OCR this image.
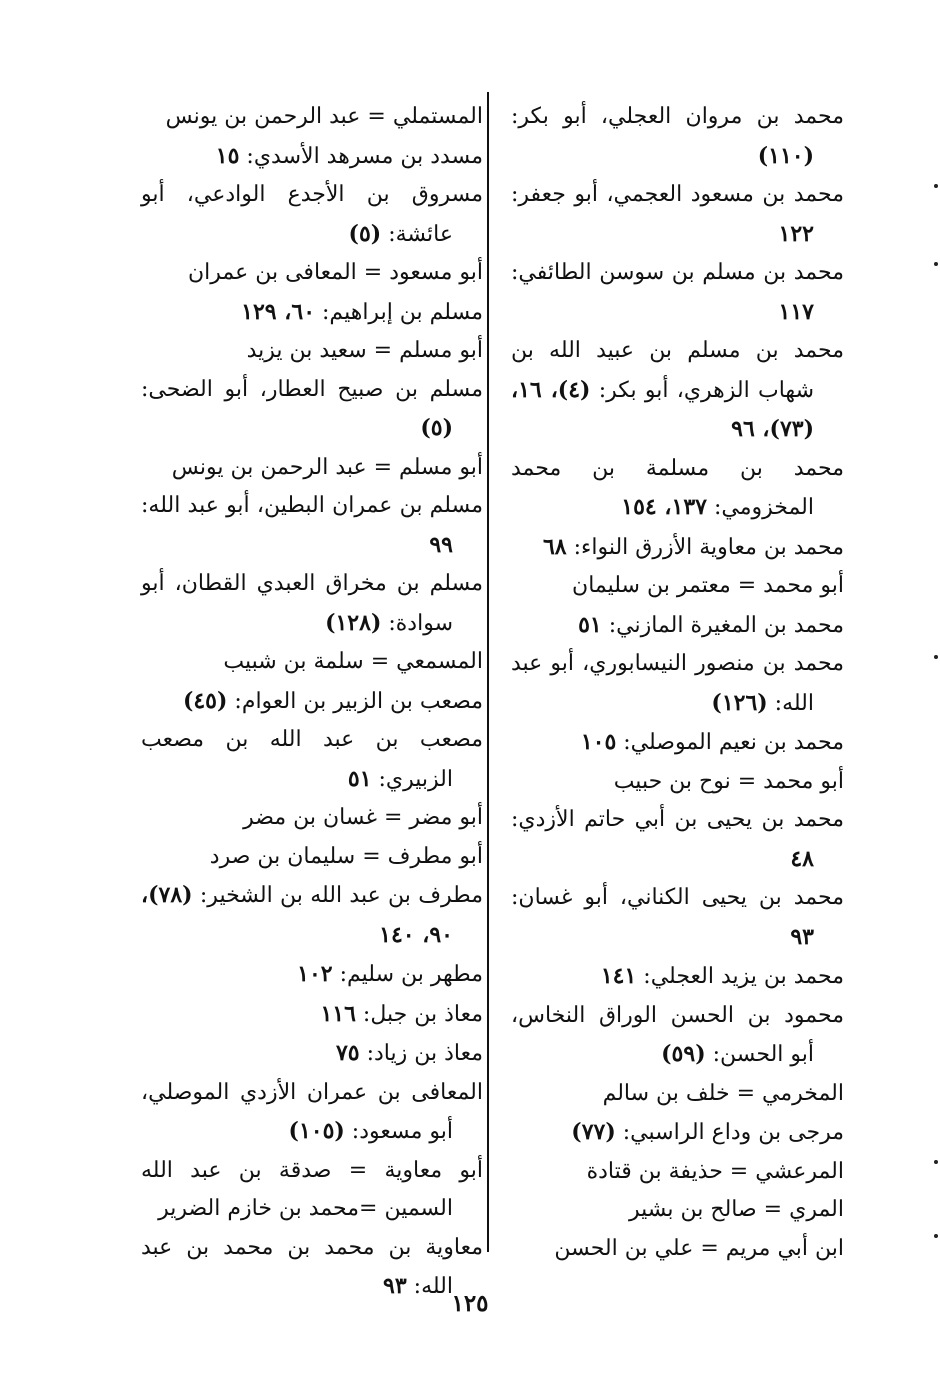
محمد بن مروان العجلي، أبو بكر: (١١٠)
محمد بن مسعود العجمي، أبو جعفر: ١٢٢
محمد بن مسلم بن سوسن الطائفي: ١١٧
محمد بن مسلم بن عبيد الله بن شهاب الزهري، أبو بكر: (٤)، ١٦، (٧٣)، ٩٦
محمد بن مسلمة بن محمد المخزومي: ١٣٧، ١٥٤
محمد بن معاوية الأزرق النواء: ٦٨
أبو محمد = معتمر بن سليمان
محمد بن المغيرة المازني: ٥١
محمد بن منصور النيسابوري، أبو عبد الله: (١٢٦)
محمد بن نعيم الموصلي: ١٠٥
أبو محمد = نوح بن حبيب
محمد بن يحيى بن أبي حاتم الأزدي: ٤٨
محمد بن يحيى الكناني، أبو غسان: ٩٣
محمد بن يزيد العجلي: ١٤١
محمود بن الحسن الوراق النخاس، أبو الحسن: (٥٩)
المخرمي = خلف بن سالم
مرجى بن وداع الراسبي: (٧٧)
المرعشي = حذيفة بن قتادة
المري = صالح بن بشير
ابن أبي مريم = علي بن الحسن
المستملي = عبد الرحمن بن يونس
مسدد بن مسرهد الأسدي: ١٥
مسروق بن الأجدع الوادعي، أبو عائشة: (٥)
أبو مسعود = المعافى بن عمران
مسلم بن إبراهيم: ٦٠، ١٢٩
أبو مسلم = سعيد بن يزيد
مسلم بن صبيح العطار، أبو الضحى: (٥)
أبو مسلم = عبد الرحمن بن يونس
مسلم بن عمران البطين، أبو عبد الله: ٩٩
مسلم بن مخراق العبدي القطان، أبو سوادة: (١٢٨)
المسمعي = سلمة بن شبيب
مصعب بن الزبير بن العوام: (٤٥)
مصعب بن عبد الله بن مصعب الزبيري: ٥١
أبو مضر = غسان بن مضر
أبو مطرف = سليمان بن صرد
مطرف بن عبد الله بن الشخير: (٧٨)، ٩٠، ١٤٠
مطهر بن سليم: ١٠٢
معاذ بن جبل: ١١٦
معاذ بن زياد: ٧٥
المعافى بن عمران الأزدي الموصلي، أبو مسعود: (١٠٥)
أبو معاوية = صدقة بن عبد الله السمين =محمد بن خازم الضرير
معاوية بن محمد بن محمد بن عبد الله: ٩٣
١٢٥
